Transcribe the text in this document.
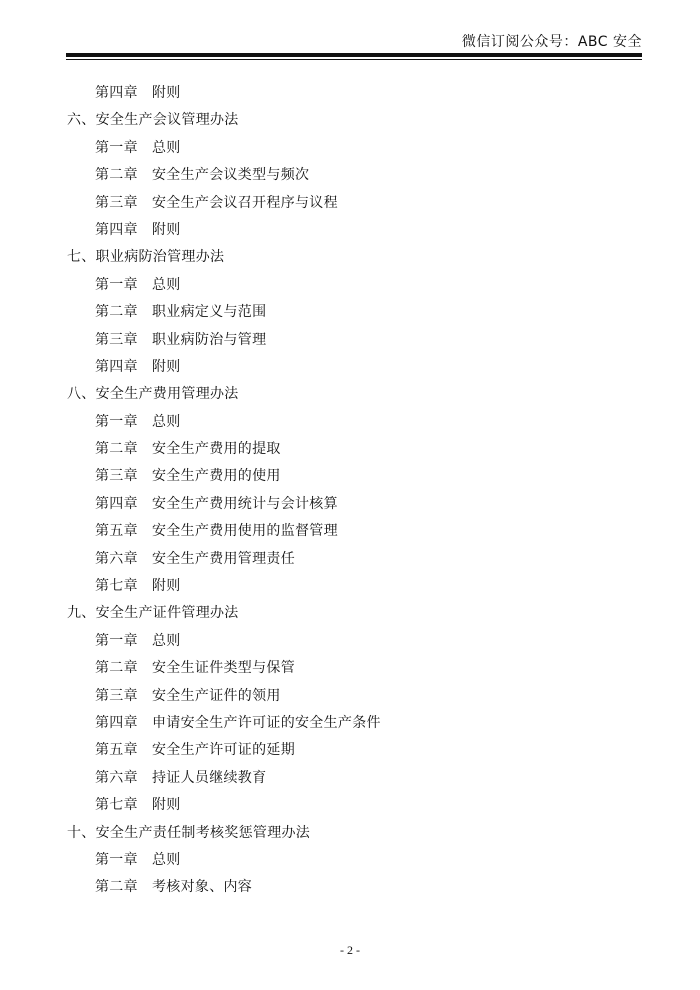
微信订阅公众号：ABC 安全
第四章 附则
六、安全生产会议管理办法
第一章 总则
第二章 安全生产会议类型与频次
第三章 安全生产会议召开程序与议程
第四章 附则
七、职业病防治管理办法
第一章 总则
第二章 职业病定义与范围
第三章 职业病防治与管理
第四章 附则
八、安全生产费用管理办法
第一章 总则
第二章 安全生产费用的提取
第三章 安全生产费用的使用
第四章 安全生产费用统计与会计核算
第五章 安全生产费用使用的监督管理
第六章 安全生产费用管理责任
第七章 附则
九、安全生产证件管理办法
第一章 总则
第二章 安全生证件类型与保管
第三章 安全生产证件的领用
第四章 申请安全生产许可证的安全生产条件
第五章 安全生产许可证的延期
第六章 持证人员继续教育
第七章 附则
十、安全生产责任制考核奖惩管理办法
第一章 总则
第二章 考核对象、内容
- 2 -
